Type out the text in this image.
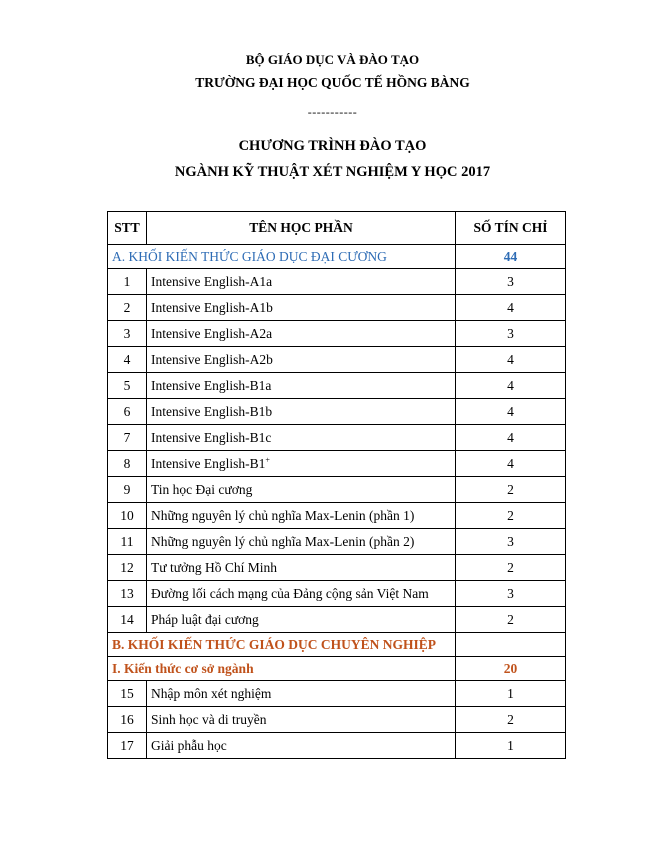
BỘ GIÁO DỤC VÀ ĐÀO TẠO
TRƯỜNG ĐẠI HỌC QUỐC TẾ HỒNG BÀNG
-----------
CHƯƠNG TRÌNH ĐÀO TẠO
NGÀNH KỸ THUẬT XÉT NGHIỆM Y HỌC 2017
STT	TÊN HỌC PHẦN	SỐ TÍN CHỈ
A. KHỐI KIẾN THỨC GIÁO DỤC ĐẠI CƯƠNG		44
1	Intensive English-A1a	3
2	Intensive English-A1b	4
3	Intensive English-A2a	3
4	Intensive English-A2b	4
5	Intensive English-B1a	4
6	Intensive English-B1b	4
7	Intensive English-B1c	4
8	Intensive English-B1+	4
9	Tin học Đại cương	2
10	Những nguyên lý chủ nghĩa Max-Lenin (phần 1)	2
11	Những nguyên lý chủ nghĩa Max-Lenin (phần 2)	3
12	Tư tưởng Hồ Chí Minh	2
13	Đường lối cách mạng của Đảng cộng sản Việt Nam	3
14	Pháp luật đại cương	2
B. KHỐI KIẾN THỨC GIÁO DỤC CHUYÊN NGHIỆP		
I. Kiến thức cơ sở ngành		20
15	Nhập môn xét nghiệm	1
16	Sinh học và di truyền	2
17	Giải phẫu học	1
